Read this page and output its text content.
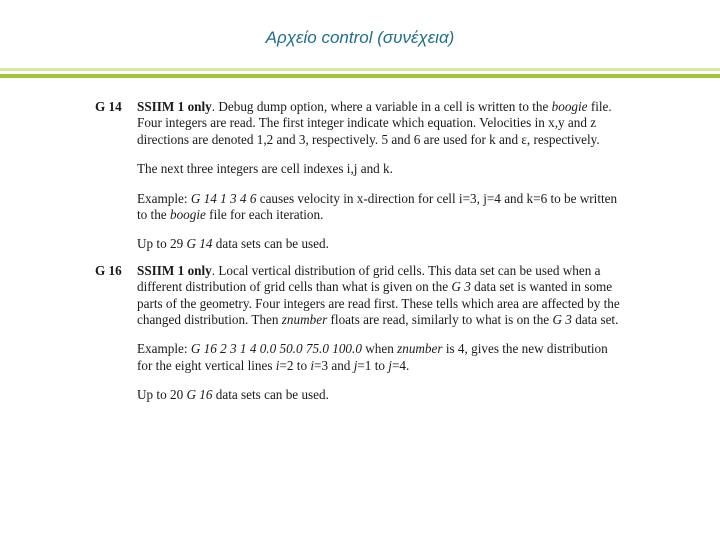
Αρχείο control (συνέχεια)
G 14	SSIIM 1 only. Debug dump option, where a variable in a cell is written to the boogie file. Four integers are read. The first integer indicate which equation. Velocities in x,y and z directions are denoted 1,2 and 3, respectively. 5 and 6 are used for k and ε, respectively.

The next three integers are cell indexes i,j and k.

Example: G 14 1 3 4 6 causes velocity in x-direction for cell i=3, j=4 and k=6 to be written to the boogie file for each iteration.

Up to 29 G 14 data sets can be used.

G 16	SSIIM 1 only. Local vertical distribution of grid cells. This data set can be used when a different distribution of grid cells than what is given on the G 3 data set is wanted in some parts of the geometry. Four integers are read first. These tells which area are affected by the changed distribution. Then znumber floats are read, similarly to what is on the G 3 data set.

Example: G 16 2 3 1 4 0.0 50.0 75.0 100.0 when znumber is 4, gives the new distribution for the eight vertical lines i=2 to i=3 and j=1 to j=4.

Up to 20 G 16 data sets can be used.
